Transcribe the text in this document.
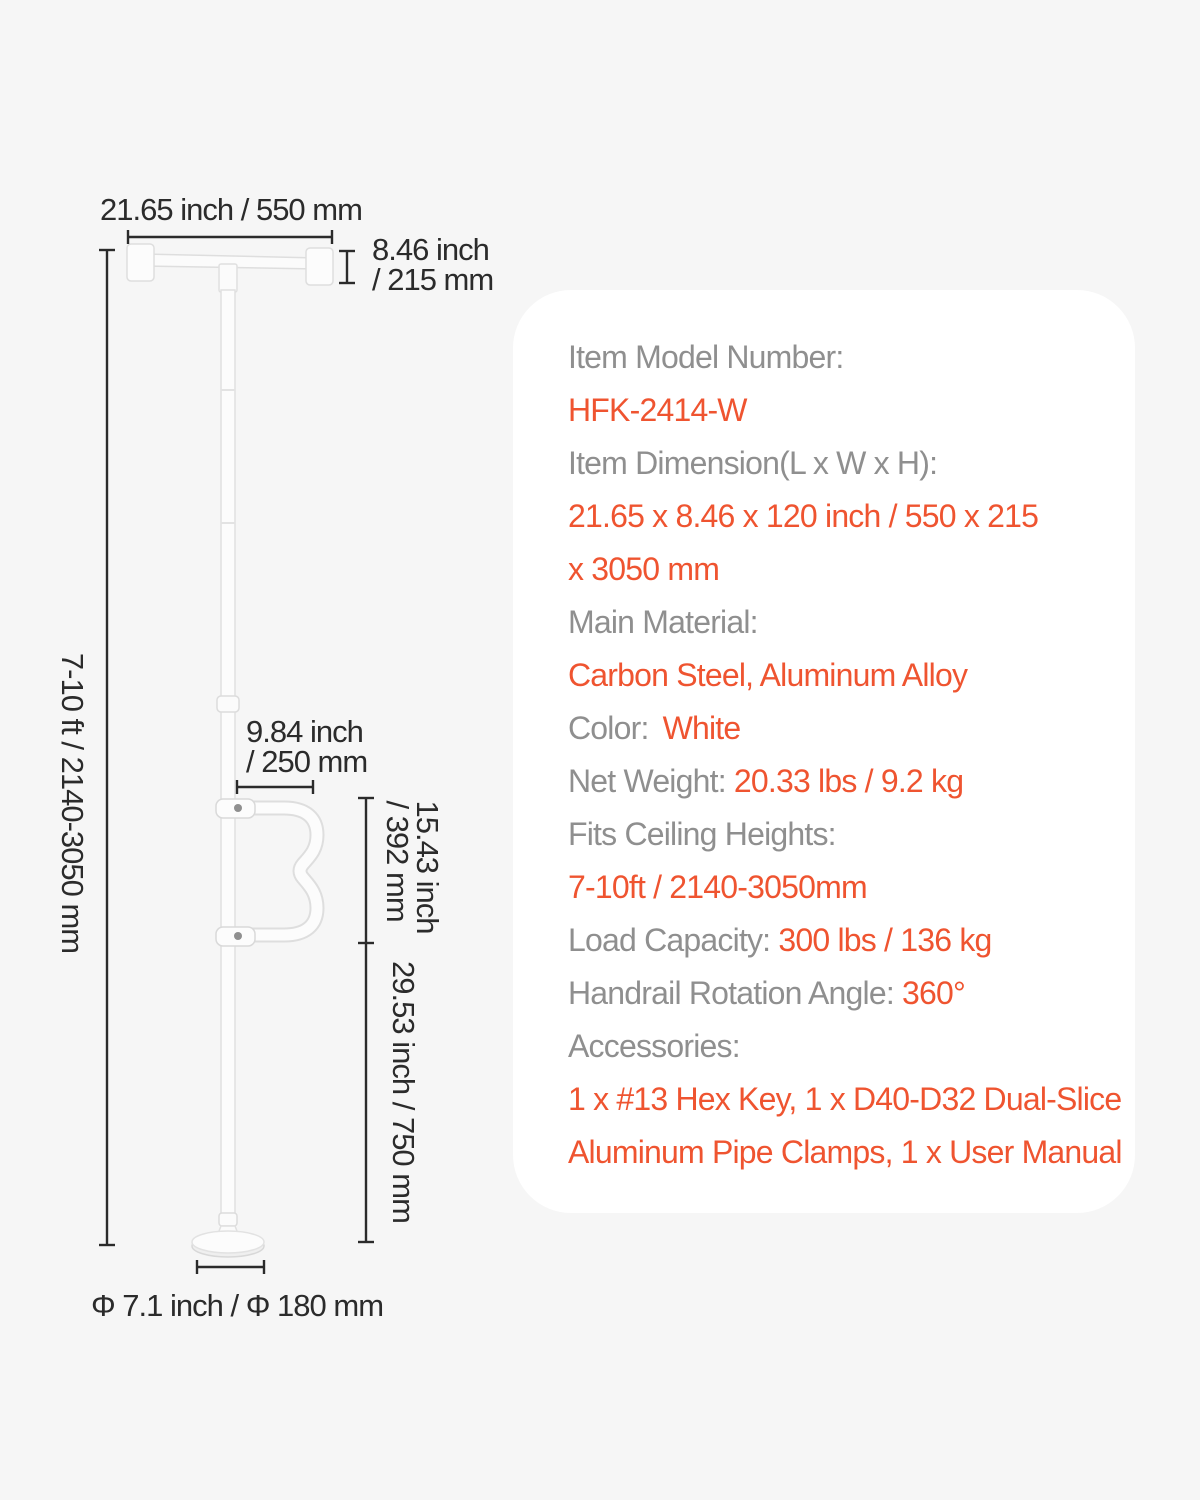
21.65 inch / 550 mm
8.46 inch
/ 215 mm
7-10 ft / 2140-3050 mm	9.84 inch
/ 250 mm
15.43 inch
/ 392 mm
29.53 inch / 750 mm
Φ 7.1 inch / Φ 180 mm
Item Model Number:
HFK-2414-W
Item Dimension(L x W x H):
21.65 x 8.46 x 120 inch / 550 x 215
x 3050 mm
Main Material:
Carbon Steel, Aluminum Alloy
Color: White
Net Weight: 20.33 lbs / 9.2 kg
Fits Ceiling Heights:
7-10ft / 2140-3050mm
Load Capacity: 300 lbs / 136 kg
Handrail Rotation Angle: 360°
Accessories:
1 x #13 Hex Key, 1 x D40-D32 Dual-Slice
Aluminum Pipe Clamps, 1 x User Manual
